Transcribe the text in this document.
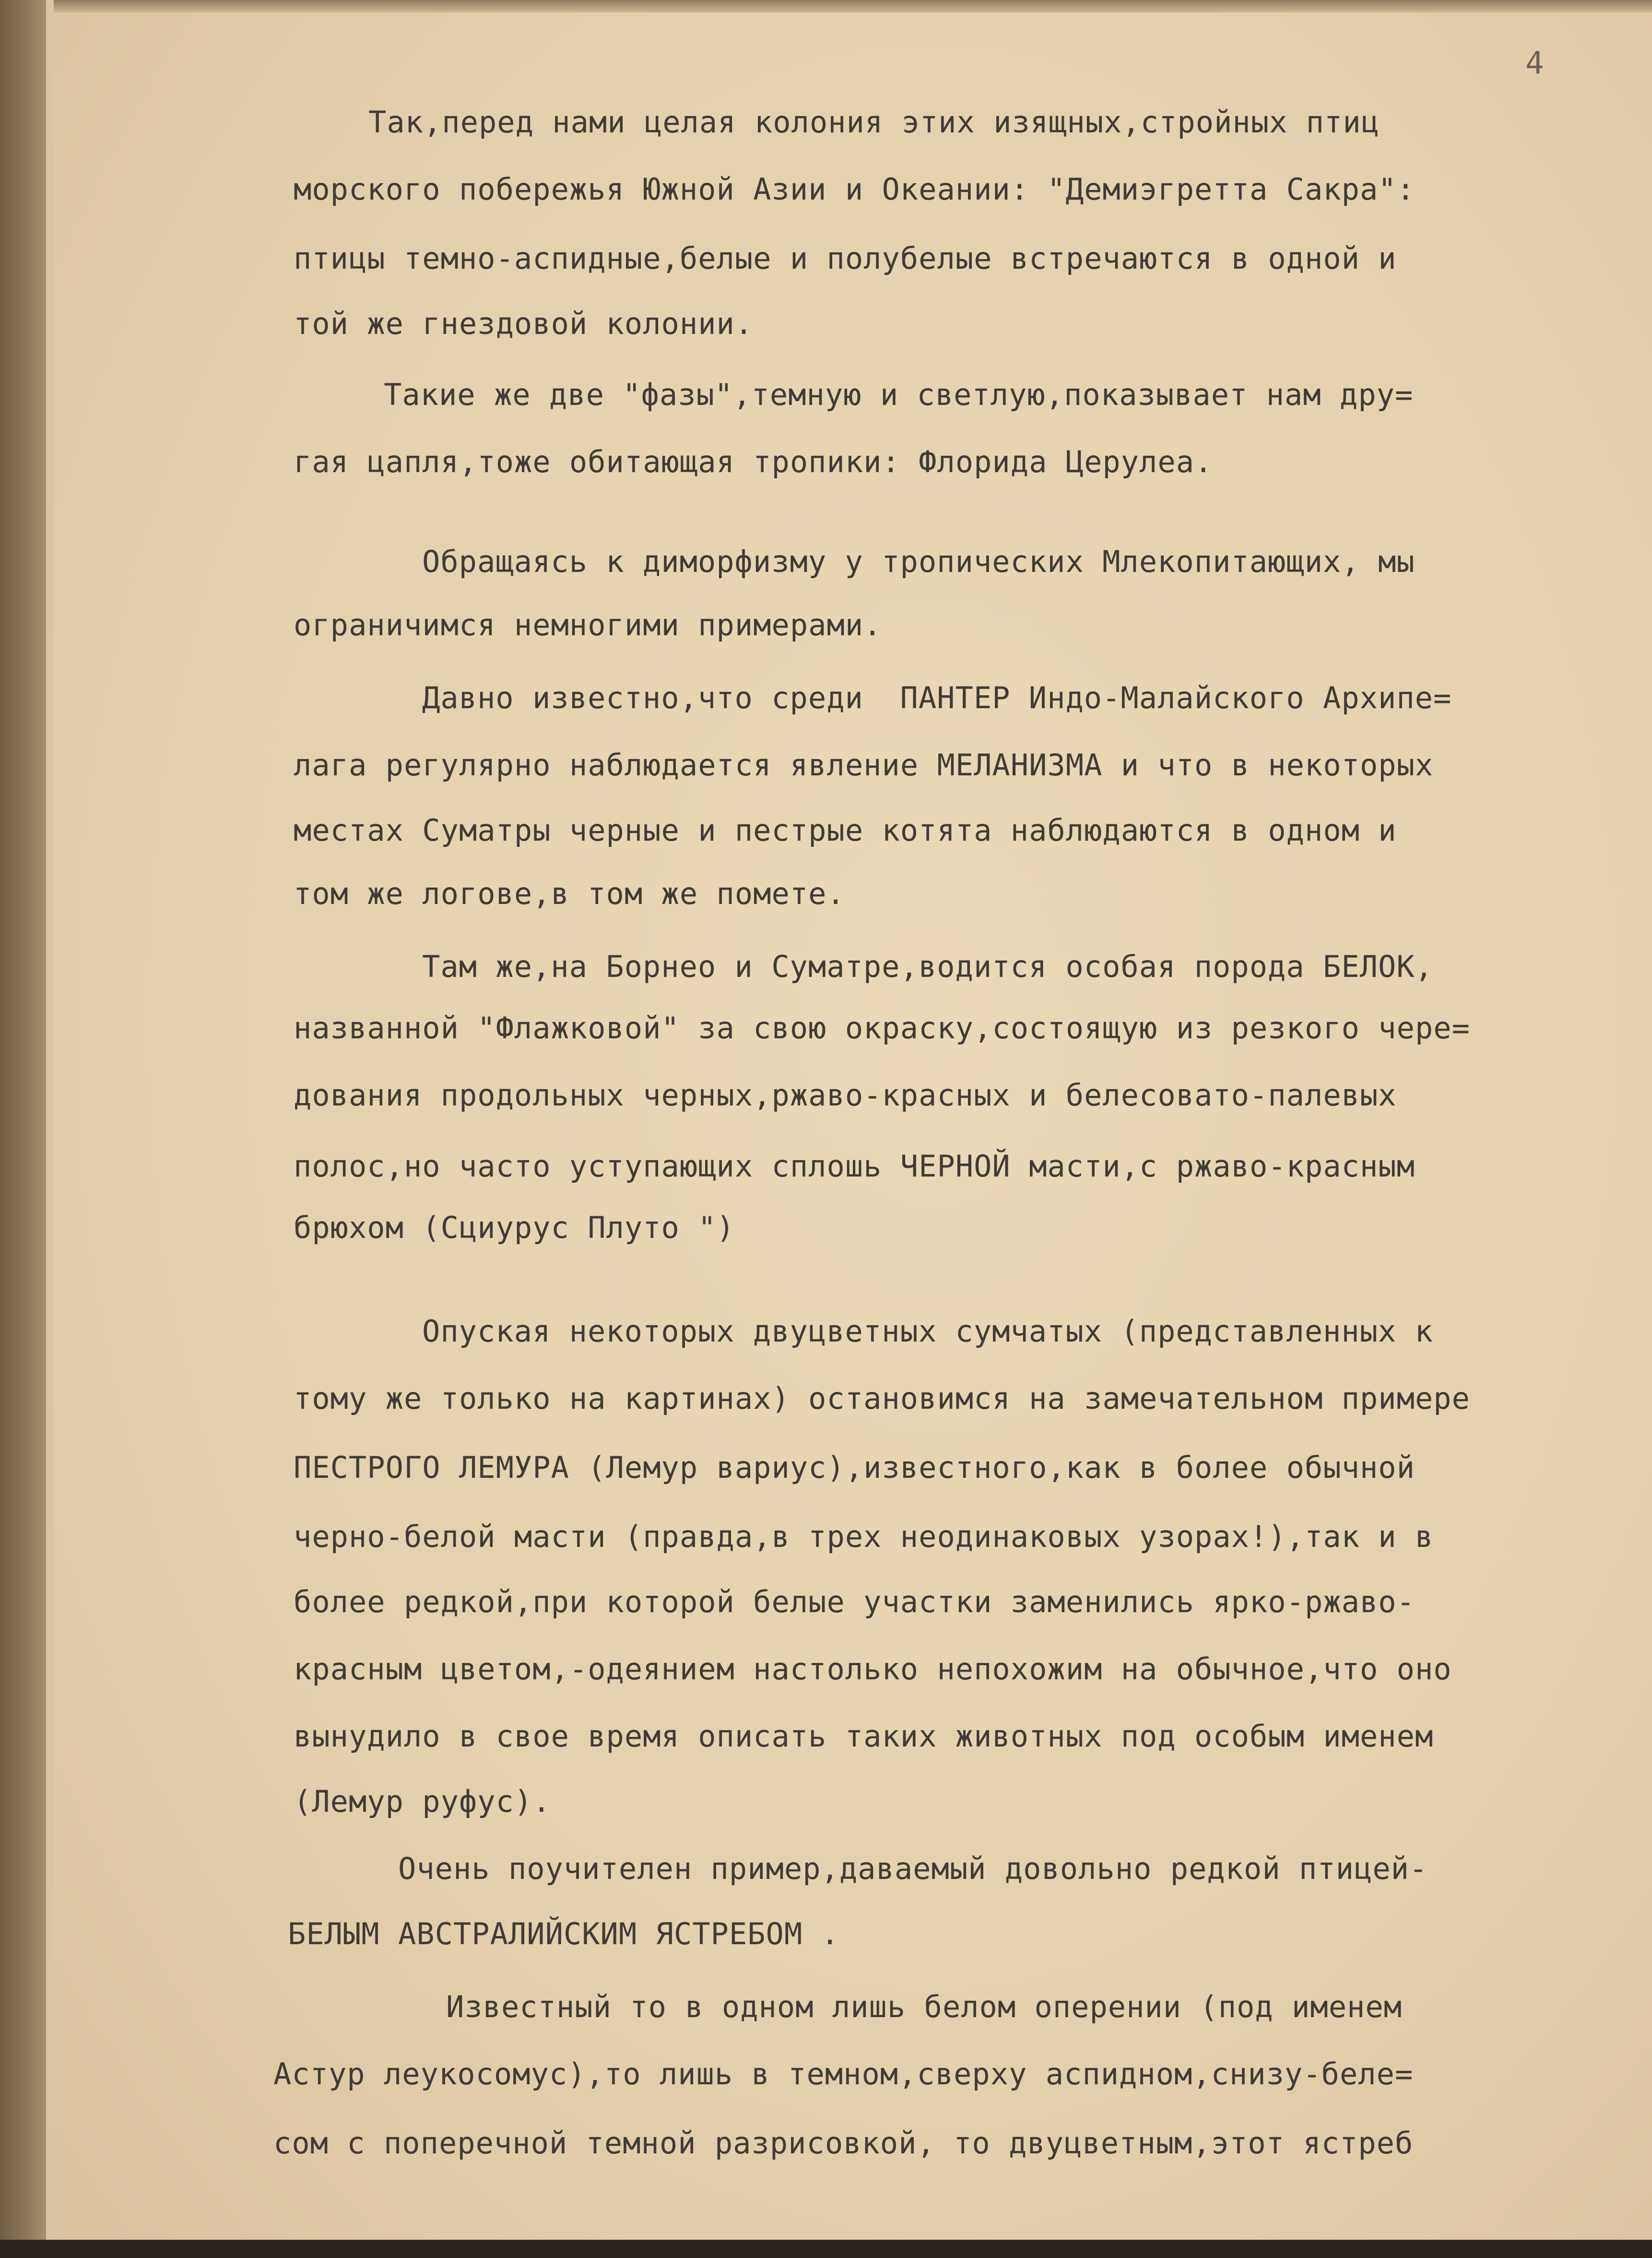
4
Так,перед нами целая колония этих изящных,стройных птиц
морского побережья Южной Азии и Океании: "Демиэгретта Сакра":
птицы темно-аспидные,белые и полубелые встречаются в одной и
той же гнездовой колонии.
Такие же две "фазы",темную и светлую,показывает нам дру=
гая цапля,тоже обитающая тропики: Флорида Церулеа.
Обращаясь к диморфизму у тропических Млекопитающих, мы
ограничимся немногими примерами.
Давно известно,что среди  ПАНТЕР Индо-Малайского Архипе=
лага регулярно наблюдается явление МЕЛАНИЗМА и что в некоторых
местах Суматры черные и пестрые котята наблюдаются в одном и
том же логове,в том же помете.
Там же,на Борнео и Суматре,водится особая порода БЕЛОК,
названной "Флажковой" за свою окраску,состоящую из резкого чере=
дования продольных черных,ржаво-красных и белесовато-палевых
полос,но часто уступающих сплошь ЧЕРНОЙ масти,с ржаво-красным
брюхом (Сциурус Плуто ")
Опуская некоторых двуцветных сумчатых (представленных к
тому же только на картинах) остановимся на замечательном примере
ПЕСТРОГО ЛЕМУРА (Лемур вариус),известного,как в более обычной
черно-белой масти (правда,в трех неодинаковых узорах!),так и в
более редкой,при которой белые участки заменились ярко-ржаво-
красным цветом,-одеянием настолько непохожим на обычное,что оно
вынудило в свое время описать таких животных под особым именем
(Лемур руфус).
Очень поучителен пример,даваемый довольно редкой птицей-
БЕЛЫМ АВСТРАЛИЙСКИМ ЯСТРЕБОМ .
Известный то в одном лишь белом оперении (под именем
Астур леукосомус),то лишь в темном,сверху аспидном,снизу-беле=
сом с поперечной темной разрисовкой, то двуцветным,этот ястреб
